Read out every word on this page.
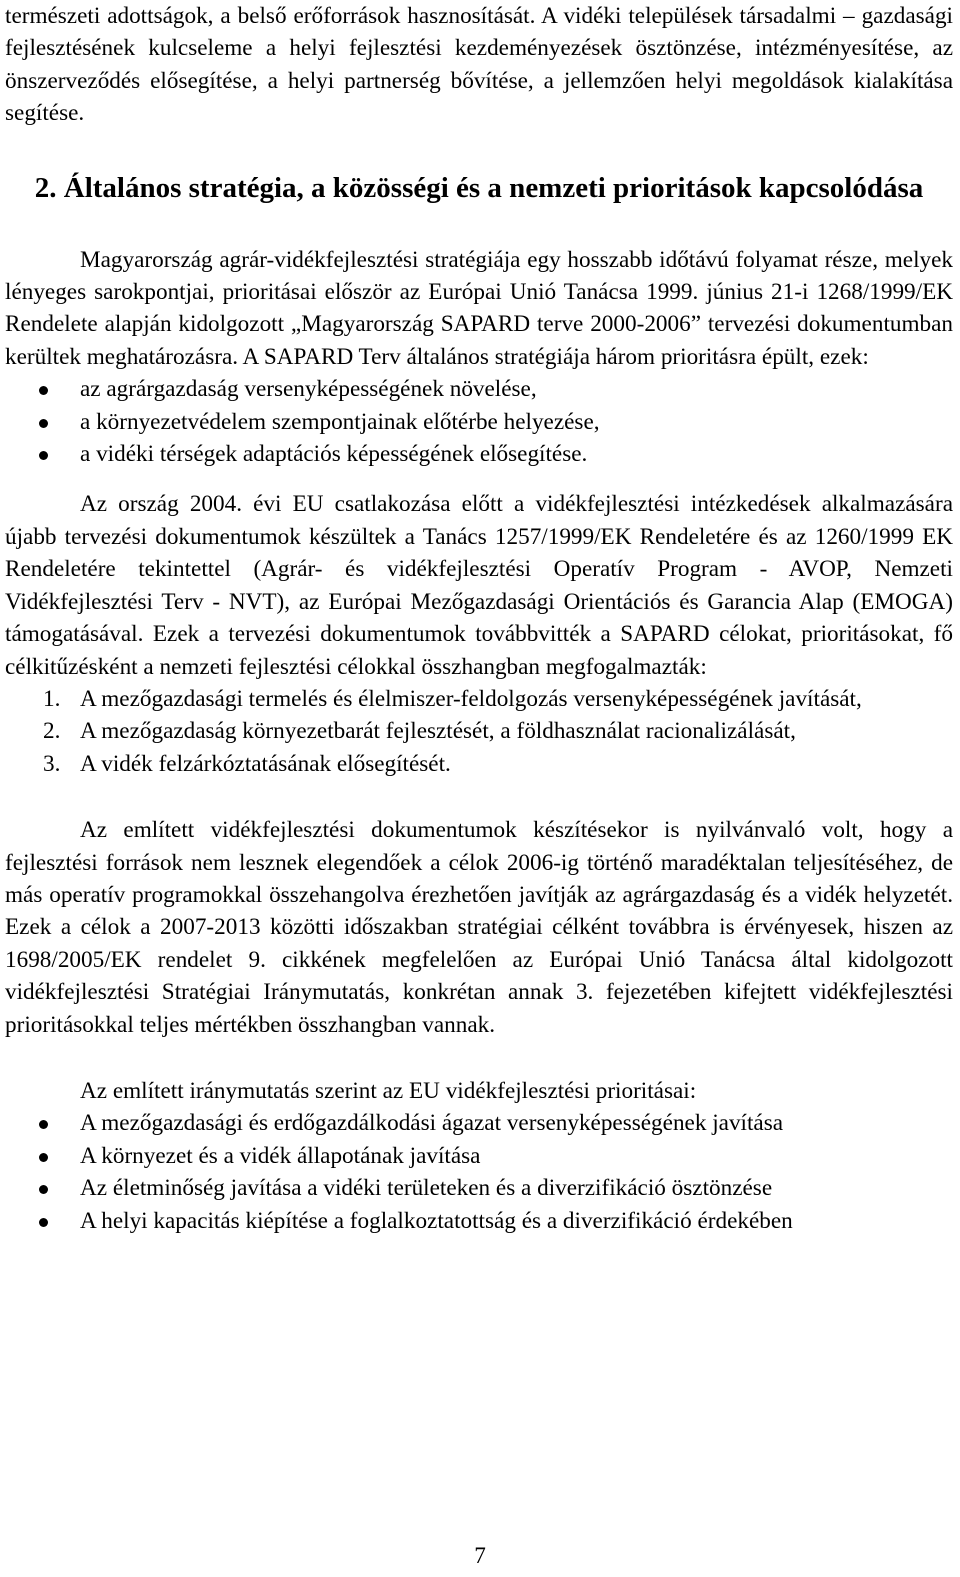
természeti adottságok, a belső erőforrások hasznosítását. A vidéki települések társadalmi – gazdasági fejlesztésének kulcseleme a helyi fejlesztési kezdeményezések ösztönzése, intézményesítése, az önszerveződés elősegítése, a helyi partnerség bővítése, a jellemzően helyi megoldások kialakítása segítése.

2. Általános stratégia, a közösségi és a nemzeti prioritások kapcsolódása

Magyarország agrár-vidékfejlesztési stratégiája egy hosszabb időtávú folyamat része, melyek lényeges sarokpontjai, prioritásai először az Európai Unió Tanácsa 1999. június 21-i 1268/1999/EK Rendelete alapján kidolgozott „Magyarország SAPARD terve 2000-2006” tervezési dokumentumban kerültek meghatározásra. A SAPARD Terv általános stratégiája három prioritásra épült, ezek:

az agrárgazdaság versenyképességének növelése,
a környezetvédelem szempontjainak előtérbe helyezése,
a vidéki térségek adaptációs képességének elősegítése.

Az ország 2004. évi EU csatlakozása előtt a vidékfejlesztési intézkedések alkalmazására újabb tervezési dokumentumok készültek a Tanács 1257/1999/EK Rendeletére és az 1260/1999 EK Rendeletére tekintettel (Agrár- és vidékfejlesztési Operatív Program - AVOP, Nemzeti Vidékfejlesztési Terv - NVT), az Európai Mezőgazdasági Orientációs és Garancia Alap (EMOGA) támogatásával. Ezek a tervezési dokumentumok továbbvitték a SAPARD célokat, prioritásokat, fő célkitűzésként a nemzeti fejlesztési célokkal összhangban megfogalmazták:

1. A mezőgazdasági termelés és élelmiszer-feldolgozás versenyképességének javítását,
2. A mezőgazdaság környezetbarát fejlesztését, a földhasználat racionalizálását,
3. A vidék felzárkóztatásának elősegítését.

Az említett vidékfejlesztési dokumentumok készítésekor is nyilvánvaló volt, hogy a fejlesztési források nem lesznek elegendőek a célok 2006-ig történő maradéktalan teljesítéséhez, de más operatív programokkal összehangolva érezhetően javítják az agrárgazdaság és a vidék helyzetét. Ezek a célok a 2007-2013 közötti időszakban stratégiai célként továbbra is érvényesek, hiszen az 1698/2005/EK rendelet 9. cikkének megfelelően az Európai Unió Tanácsa által kidolgozott vidékfejlesztési Stratégiai Iránymutatás, konkrétan annak 3. fejezetében kifejtett vidékfejlesztési prioritásokkal teljes mértékben összhangban vannak.

Az említett iránymutatás szerint az EU vidékfejlesztési prioritásai:

A mezőgazdasági és erdőgazdálkodási ágazat versenyképességének javítása
A környezet és a vidék állapotának javítása
Az életminőség javítása a vidéki területeken és a diverzifikáció ösztönzése
A helyi kapacitás kiépítése a foglalkoztatottság és a diverzifikáció érdekében
7
